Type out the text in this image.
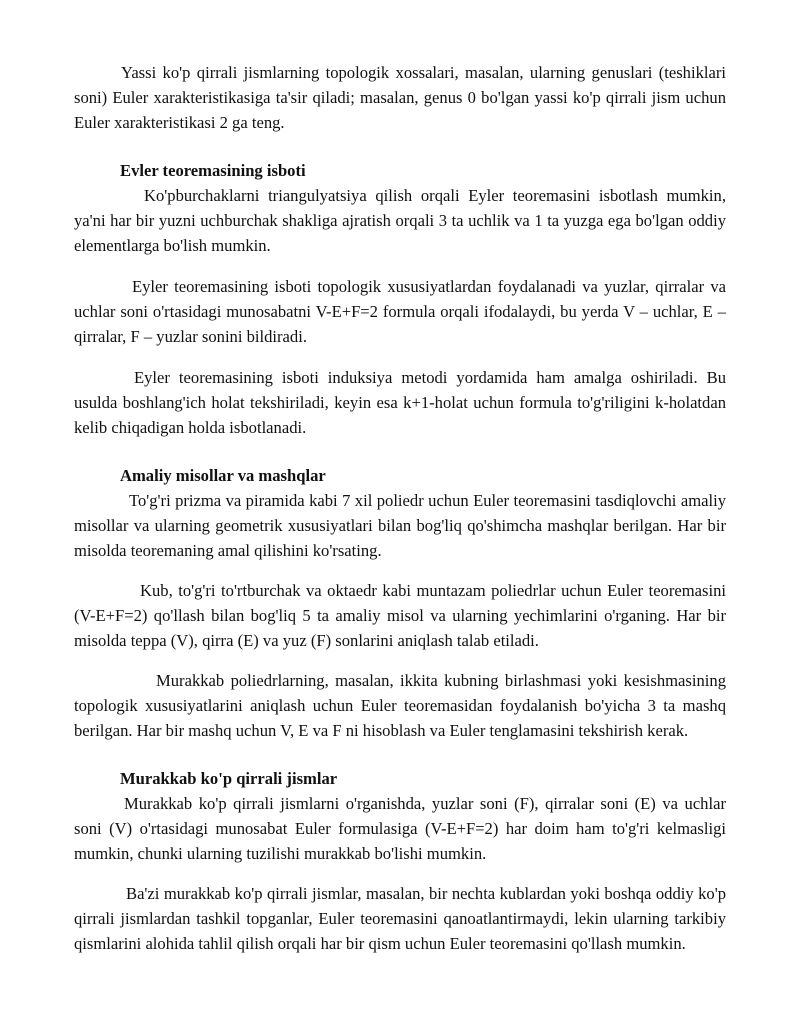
Yassi ko'p qirrali jismlarning topologik xossalari, masalan, ularning genuslari (teshiklari soni) Euler xarakteristikasiga ta'sir qiladi; masalan, genus 0 bo'lgan yassi ko'p qirrali jism uchun Euler xarakteristikasi 2 ga teng.

Evler teoremasining isboti

Ko'pburchaklarni triangulyatsiya qilish orqali Eyler teoremasini isbotlash mumkin, ya'ni har bir yuzni uchburchak shakliga ajratish orqali 3 ta uchlik va 1 ta yuzga ega bo'lgan oddiy elementlarga bo'lish mumkin.

Eyler teoremasining isboti topologik xususiyatlardan foydalanadi va yuzlar, qirralar va uchlar soni o'rtasidagi munosabatni V-E+F=2 formula orqali ifodalaydi, bu yerda V – uchlar, E – qirralar, F – yuzlar sonini bildiradi.

Eyler teoremasining isboti induksiya metodi yordamida ham amalga oshiriladi. Bu usulda boshlang'ich holat tekshiriladi, keyin esa k+1-holat uchun formula to'g'riligini k-holatdan kelib chiqadigan holda isbotlanadi.

Amaliy misollar va mashqlar

To'g'ri prizma va piramida kabi 7 xil poliedr uchun Euler teoremasini tasdiqlovchi amaliy misollar va ularning geometrik xususiyatlari bilan bog'liq qo'shimcha mashqlar berilgan. Har bir misolda teoremaning amal qilishini ko'rsating.

Kub, to'g'ri to'rtburchak va oktaedr kabi muntazam poliedrlar uchun Euler teoremasini (V-E+F=2) qo'llash bilan bog'liq 5 ta amaliy misol va ularning yechimlarini o'rganing. Har bir misolda teppa (V), qirra (E) va yuz (F) sonlarini aniqlash talab etiladi.

Murakkab poliedrlarning, masalan, ikkita kubning birlashmasi yoki kesishmasining topologik xususiyatlarini aniqlash uchun Euler teoremasidan foydalanish bo'yicha 3 ta mashq berilgan. Har bir mashq uchun V, E va F ni hisoblash va Euler tenglamasini tekshirish kerak.

Murakkab ko'p qirrali jismlar

Murakkab ko'p qirrali jismlarni o'rganishda, yuzlar soni (F), qirralar soni (E) va uchlar soni (V) o'rtasidagi munosabat Euler formulasiga (V-E+F=2) har doim ham to'g'ri kelmasligi mumkin, chunki ularning tuzilishi murakkab bo'lishi mumkin.

Ba'zi murakkab ko'p qirrali jismlar, masalan, bir nechta kublardan yoki boshqa oddiy ko'p qirrali jismlardan tashkil topganlar, Euler teoremasini qanoatlantirmaydi, lekin ularning tarkibiy qismlarini alohida tahlil qilish orqali har bir qism uchun Euler teoremasini qo'llash mumkin.
